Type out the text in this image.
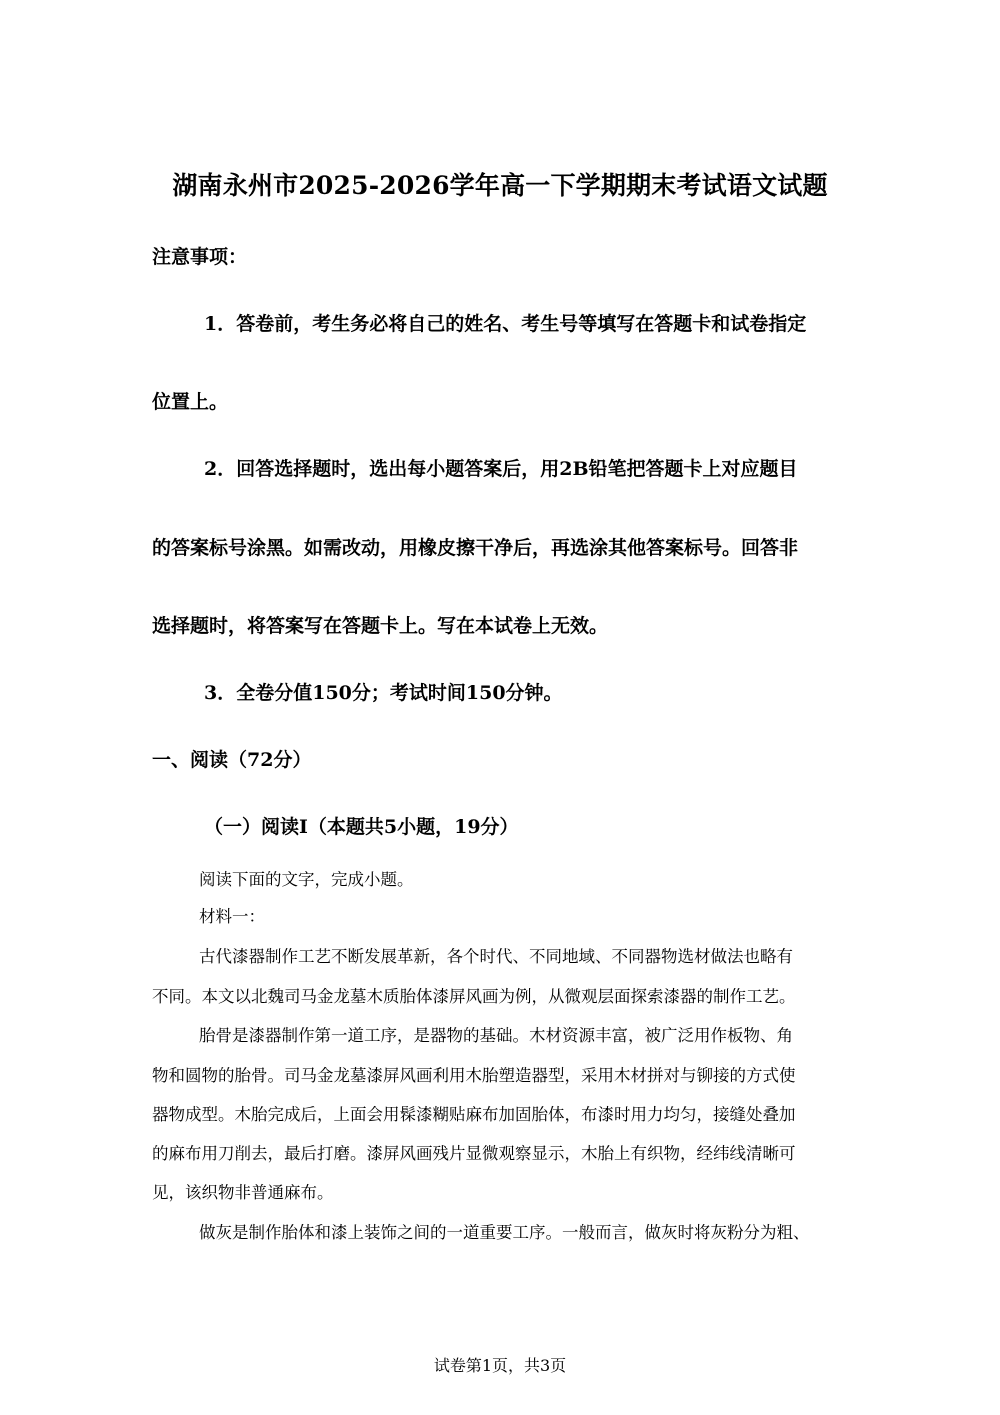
湖南永州市2025-2026学年高一下学期期末考试语文试题
注意事项：
1．答卷前，考生务必将自己的姓名、考生号等填写在答题卡和试卷指定
位置上。
2．回答选择题时，选出每小题答案后，用2B铅笔把答题卡上对应题目
的答案标号涂黑。如需改动，用橡皮擦干净后，再选涂其他答案标号。回答非
选择题时，将答案写在答题卡上。写在本试卷上无效。
3．全卷分值150分；考试时间150分钟。
一、阅读（72分）
（一）阅读I（本题共5小题，19分）
阅读下面的文字，完成小题。
材料一：
古代漆器制作工艺不断发展革新，各个时代、不同地域、不同器物选材做法也略有
不同。本文以北魏司马金龙墓木质胎体漆屏风画为例，从微观层面探索漆器的制作工艺。
胎骨是漆器制作第一道工序，是器物的基础。木材资源丰富，被广泛用作板物、角
物和圆物的胎骨。司马金龙墓漆屏风画利用木胎塑造器型，采用木材拼对与铆接的方式使
器物成型。木胎完成后，上面会用髹漆糊贴麻布加固胎体，布漆时用力均匀，接缝处叠加
的麻布用刀削去，最后打磨。漆屏风画残片显微观察显示，木胎上有织物，经纬线清晰可
见，该织物非普通麻布。
做灰是制作胎体和漆上装饰之间的一道重要工序。一般而言，做灰时将灰粉分为粗、
试卷第1页，共3页
